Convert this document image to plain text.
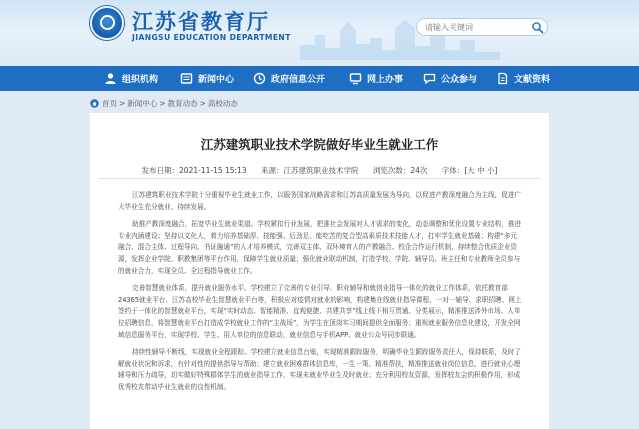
江苏省教育厅
JIANGSU EDUCATION DEPARTMENT
请输入关键词
组织机构	新闻中心	政府信息公开	网上办事	公众参与	文献资料
首页 > 新闻中心 > 教育动态 > 高校动态
江苏建筑职业技术学院做好毕业生就业工作
发布日期：2021-11-15 15:13 来源：江苏建筑职业技术学院 浏览次数：24次 字体：[大 中 小]

江苏建筑职业技术学院十分重视毕业生就业工作，以服务国家战略需求和江苏高质量发展为导向，以促进产教深度融合为主线，促进广大毕业生充分就业、持续发展。

助推产教深度融合，拓宽毕业生就业渠道。学校紧扣行业发展，把准社会发展对人才需求的变化，动态调整和优化设置专业结构，推进专业内涵建设；坚持以文化人，着力培养基础厚、技能强、后劲足、能吃苦的复合型高素质技术技能人才，打牢学生就业基础；构建“多元融合、混合主体、过程导向、书证融通”的人才培养模式，完善双主体、双环境育人的产教融合、校企合作运行机制，持续整合优质企业资源，发挥企业学院、职教集团等平台作用，保障学生就业质量；强化就业联动机制，打造学校、学院、辅导员、班主任和专业教师全员参与的就业合力，实现全员、全过程指导就业工作。

完善智慧就业体系，提升就业服务水平。学校建立了完善的专业引导、职业辅导和就创业指导一体化的就业工作体系，依托教育部24365就业平台、江苏高校毕业生智慧就业平台等，积极应对疫情对就业的影响，构建集在线就业指导课程、一对一辅导、求职招聘、网上签约于一体化的智慧就业平台，实现“实时动态、智能精准、直观便捷、共建共享”线上线下相互贯通、分类展示，精准推送涉外市场、人单位招聘信息，将智慧就业平台打造成学校就业工作的“主战场”，为学生在顶岗实习期间提供全面服务；重视就业服务信息化建设，开发全网域信息服务平台，实现学校、学生、用人单位的信息联动，就业信息与手机APP、就业公众号同步联通。

持续性辅导不断线，实现就业全程跟踪。学校建立就业信息台账，实现精准跟踪服务，明确毕业生跟踪服务责任人，保持联系，及时了解就业状况和诉求，有针对性的提供指导与帮助；建立就业困难群体信息库，一生一策、精准帮扶，精准推送就业岗位信息，进行就业心理辅导和压力疏导，切实做好特殊群体学生的就业指导工作，实现未就业毕业生及时就业；充分利用校友资源，发挥校友会的积极作用，形成优秀校友带动毕业生就业的良性机制。
